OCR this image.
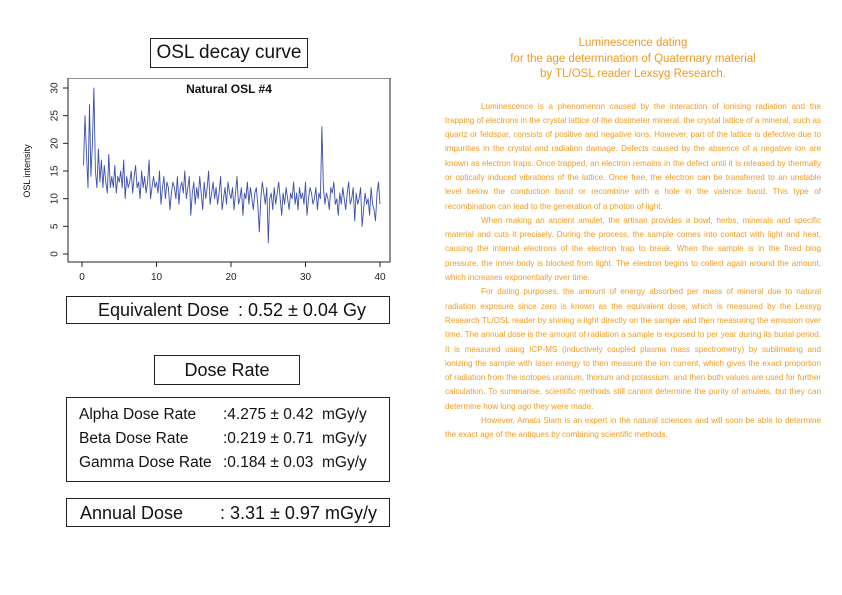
OSL decay curve
Natural OSL #4
0
5
10
15
20
25
30
OSL intensity
0	10	20	30	40
Equivalent Dose : 0.52 ± 0.04 Gy
Dose Rate
Alpha Dose Rate :4.275 ± 0.42 mGy/y
Beta Dose Rate :0.219 ± 0.71 mGy/y
Gamma Dose Rate :0.184 ± 0.03 mGy/y
Annual Dose : 3.31 ± 0.97 mGy/y
Luminescence dating
for the age determination of Quaternary material
by TL/OSL reader Lexsyg Research.

Luminescence is a phenomenon caused by the interaction of ionising radiation and the trapping of electrons in the crystal lattice of the dosimeter mineral. the crystal lattice of a mineral, such as quartz or feldspar, consists of positive and negative ions. However, part of the lattice is defective due to impurities in the crystal and radiation damage. Defects caused by the absence of a negative ion are known as electron traps. Once trapped, an electron remains in the defect until it is released by thermally or optically induced vibrations of the lattice. Once free, the electron can be transferred to an unstable level below the conduction band or recombine with a hole in the valence band. This type of recombination can lead to the generation of a photon of light.

When making an ancient amulet, the artisan provides a bowl, herbs, minerals and specific material and cuts it precisely. During the process, the sample comes into contact with light and heat, causing the internal electrons of the electron trap to break. When the sample is in the fixed blog pressure, the inner body is blocked from light. The electron begins to collect again around the amount, which increases exponentially over time.

For dating purposes, the amount of energy absorbed per mass of mineral due to natural radiation exposure since zero is known as the equivalent dose, which is measured by the Lexsyg Research TL/OSL reader by shining a light directly on the sample and then measuring the emission over time. The annual dose is the amount of radiation a sample is exposed to per year during its burial period. It is measured using ICP-MS (inductively coupled plasma mass spectrometry) by sublimating and ionizing the sample with laser energy to then measure the ion current, which gives the exact proportion of radiation from the isotopes uranium, thorium and potassium, and then both values are used for further calculation. To summarise, scientific methods still cannot determine the purity of amulets, but they can determine how long ago they were made.

However, Amata Siam is an expert in the natural sciences and will soon be able to determine the exact age of the antiques by combining scientific methods.
